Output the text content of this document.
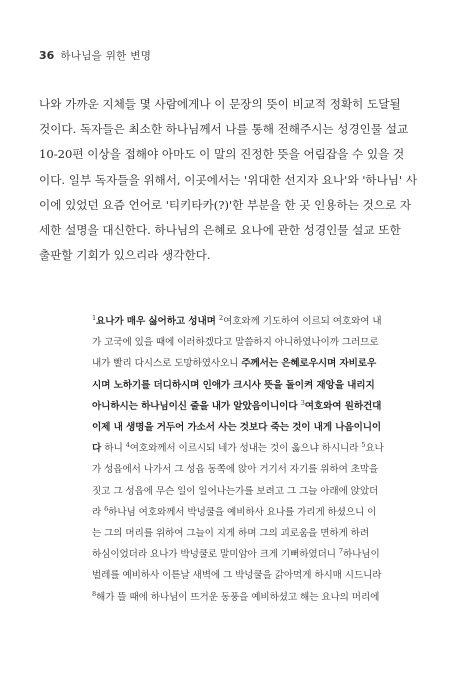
36 하나님을 위한 변명
나와 가까운 지체들 몇 사람에게나 이 문장의 뜻이 비교적 정확히 도달될
것이다. 독자들은 최소한 하나님께서 나를 통해 전해주시는 성경인물 설교
10-20편 이상을 접해야 아마도 이 말의 진정한 뜻을 어림잡을 수 있을 것
이다. 일부 독자들을 위해서, 이곳에서는 '위대한 선지자 요나'와 '하나님' 사
이에 있었던 요즘 언어로 '티키타카(?)'한 부분을 한 곳 인용하는 것으로 자
세한 설명을 대신한다. 하나님의 은혜로 요나에 관한 성경인물 설교 또한
출판할 기회가 있으리라 생각한다.
$^1$요나가 매우 싫어하고 성내며 $^2$여호와께 기도하여 이르되 여호와여 내
가 고국에 있을 때에 이러하겠다고 말씀하지 아니하였나이까 그러므로
내가 빨리 다시스로 도망하였사오니 주께서는 은혜로우시며 자비로우
시며 노하기를 더디하시며 인애가 크시사 뜻을 돌이켜 재앙을 내리지
아니하시는 하나님이신 줄을 내가 알았음이니이다 $^3$여호와여 원하건대
이제 내 생명을 거두어 가소서 사는 것보다 죽는 것이 내게 나음이니이
다 하니 $^4$여호와께서 이르시되 네가 성내는 것이 옳으냐 하시니라 $^5$요나
가 성읍에서 나가서 그 성읍 동쪽에 앉아 거기서 자기를 위하여 초막을
짓고 그 성읍에 무슨 일이 일어나는가를 보려고 그 그늘 아래에 앉았더
라 $^6$하나님 여호와께서 박넝쿨을 예비하사 요나를 가리게 하셨으니 이
는 그의 머리를 위하여 그늘이 지게 하며 그의 괴로움을 면하게 하려
하심이었더라 요나가 박넝쿨로 말미암아 크게 기뻐하였더니 $^7$하나님이
벌레를 예비하사 이튿날 새벽에 그 박넝쿨을 갉아먹게 하시매 시드니라
$^8$해가 뜰 때에 하나님이 뜨거운 동풍을 예비하셨고 해는 요나의 머리에
